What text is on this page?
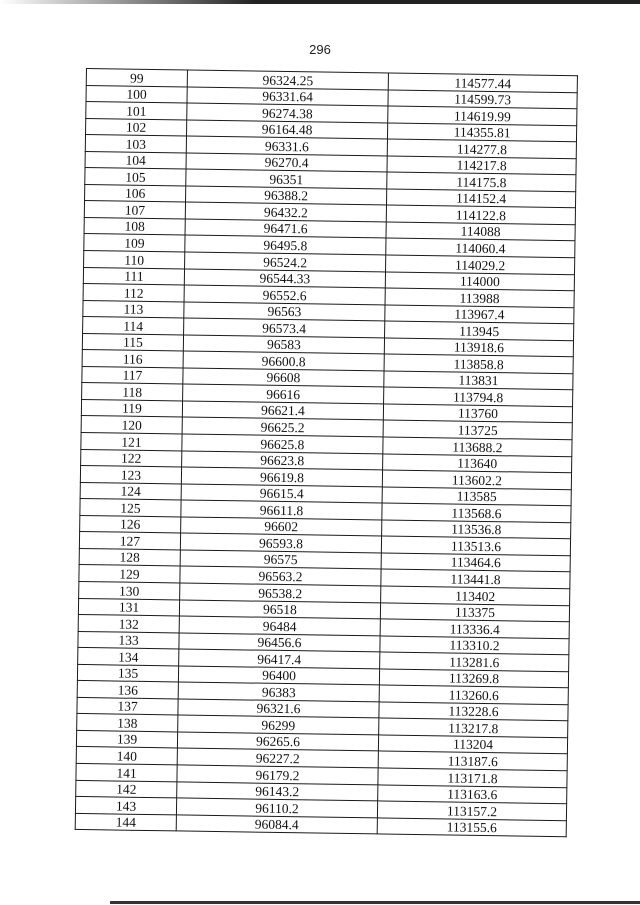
296
99	96324.25	114577.44
100	96331.64	114599.73
101	96274.38	114619.99
102	96164.48	114355.81
103	96331.6	114277.8
104	96270.4	114217.8
105	96351	114175.8
106	96388.2	114152.4
107	96432.2	114122.8
108	96471.6	114088
109	96495.8	114060.4
110	96524.2	114029.2
111	96544.33	114000
112	96552.6	113988
113	96563	113967.4
114	96573.4	113945
115	96583	113918.6
116	96600.8	113858.8
117	96608	113831
118	96616	113794.8
119	96621.4	113760
120	96625.2	113725
121	96625.8	113688.2
122	96623.8	113640
123	96619.8	113602.2
124	96615.4	113585
125	96611.8	113568.6
126	96602	113536.8
127	96593.8	113513.6
128	96575	113464.6
129	96563.2	113441.8
130	96538.2	113402
131	96518	113375
132	96484	113336.4
133	96456.6	113310.2
134	96417.4	113281.6
135	96400	113269.8
136	96383	113260.6
137	96321.6	113228.6
138	96299	113217.8
139	96265.6	113204
140	96227.2	113187.6
141	96179.2	113171.8
142	96143.2	113163.6
143	96110.2	113157.2
144	96084.4	113155.6
